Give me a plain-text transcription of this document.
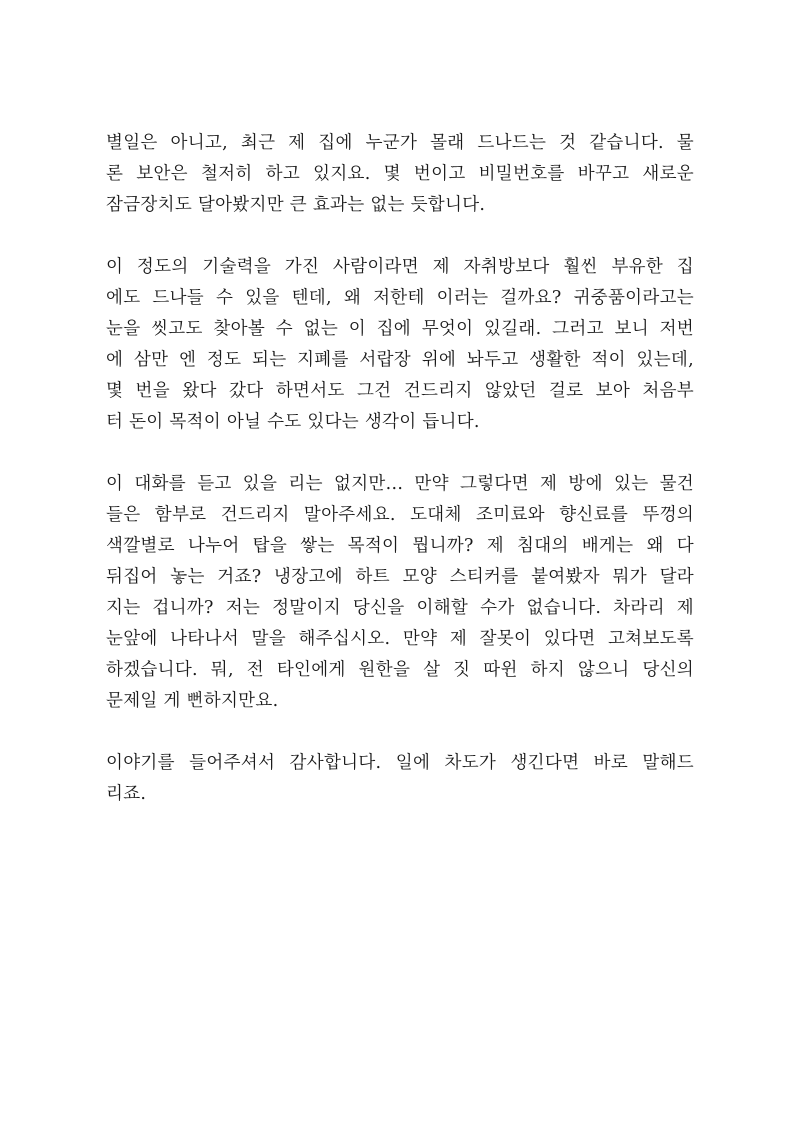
별일은 아니고, 최근 제 집에 누군가 몰래 드나드는 것 같습니다. 물
론 보안은 철저히 하고 있지요. 몇 번이고 비밀번호를 바꾸고 새로운
잠금장치도 달아봤지만 큰 효과는 없는 듯합니다.
이 정도의 기술력을 가진 사람이라면 제 자취방보다 훨씬 부유한 집
에도 드나들 수 있을 텐데, 왜 저한테 이러는 걸까요? 귀중품이라고는
눈을 씻고도 찾아볼 수 없는 이 집에 무엇이 있길래. 그러고 보니 저번
에 삼만 엔 정도 되는 지폐를 서랍장 위에 놔두고 생활한 적이 있는데,
몇 번을 왔다 갔다 하면서도 그건 건드리지 않았던 걸로 보아 처음부
터 돈이 목적이 아닐 수도 있다는 생각이 듭니다.
이 대화를 듣고 있을 리는 없지만... 만약 그렇다면 제 방에 있는 물건
들은 함부로 건드리지 말아주세요. 도대체 조미료와 향신료를 뚜껑의
색깔별로 나누어 탑을 쌓는 목적이 뭡니까? 제 침대의 배게는 왜 다
뒤집어 놓는 거죠? 냉장고에 하트 모양 스티커를 붙여봤자 뭐가 달라
지는 겁니까? 저는 정말이지 당신을 이해할 수가 없습니다. 차라리 제
눈앞에 나타나서 말을 해주십시오. 만약 제 잘못이 있다면 고쳐보도록
하겠습니다. 뭐, 전 타인에게 원한을 살 짓 따윈 하지 않으니 당신의
문제일 게 뻔하지만요.
이야기를 들어주셔서 감사합니다. 일에 차도가 생긴다면 바로 말해드
리죠.
